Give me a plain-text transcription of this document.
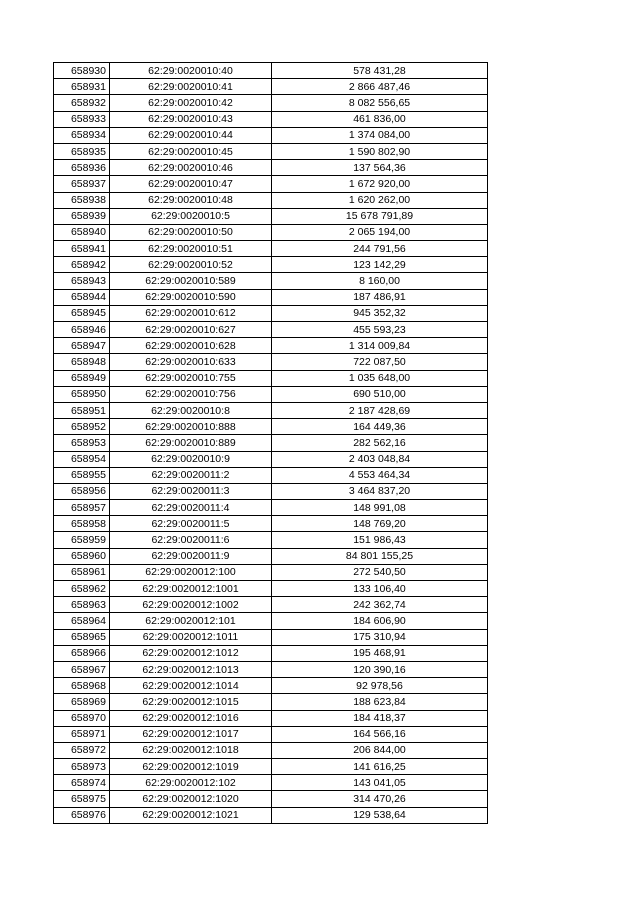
658930	62:29:0020010:40	578 431,28
658931	62:29:0020010:41	2 866 487,46
658932	62:29:0020010:42	8 082 556,65
658933	62:29:0020010:43	461 836,00
658934	62:29:0020010:44	1 374 084,00
658935	62:29:0020010:45	1 590 802,90
658936	62:29:0020010:46	137 564,36
658937	62:29:0020010:47	1 672 920,00
658938	62:29:0020010:48	1 620 262,00
658939	62:29:0020010:5	15 678 791,89
658940	62:29:0020010:50	2 065 194,00
658941	62:29:0020010:51	244 791,56
658942	62:29:0020010:52	123 142,29
658943	62:29:0020010:589	8 160,00
658944	62:29:0020010:590	187 486,91
658945	62:29:0020010:612	945 352,32
658946	62:29:0020010:627	455 593,23
658947	62:29:0020010:628	1 314 009,84
658948	62:29:0020010:633	722 087,50
658949	62:29:0020010:755	1 035 648,00
658950	62:29:0020010:756	690 510,00
658951	62:29:0020010:8	2 187 428,69
658952	62:29:0020010:888	164 449,36
658953	62:29:0020010:889	282 562,16
658954	62:29:0020010:9	2 403 048,84
658955	62:29:0020011:2	4 553 464,34
658956	62:29:0020011:3	3 464 837,20
658957	62:29:0020011:4	148 991,08
658958	62:29:0020011:5	148 769,20
658959	62:29:0020011:6	151 986,43
658960	62:29:0020011:9	84 801 155,25
658961	62:29:0020012:100	272 540,50
658962	62:29:0020012:1001	133 106,40
658963	62:29:0020012:1002	242 362,74
658964	62:29:0020012:101	184 606,90
658965	62:29:0020012:1011	175 310,94
658966	62:29:0020012:1012	195 468,91
658967	62:29:0020012:1013	120 390,16
658968	62:29:0020012:1014	92 978,56
658969	62:29:0020012:1015	188 623,84
658970	62:29:0020012:1016	184 418,37
658971	62:29:0020012:1017	164 566,16
658972	62:29:0020012:1018	206 844,00
658973	62:29:0020012:1019	141 616,25
658974	62:29:0020012:102	143 041,05
658975	62:29:0020012:1020	314 470,26
658976	62:29:0020012:1021	129 538,64
